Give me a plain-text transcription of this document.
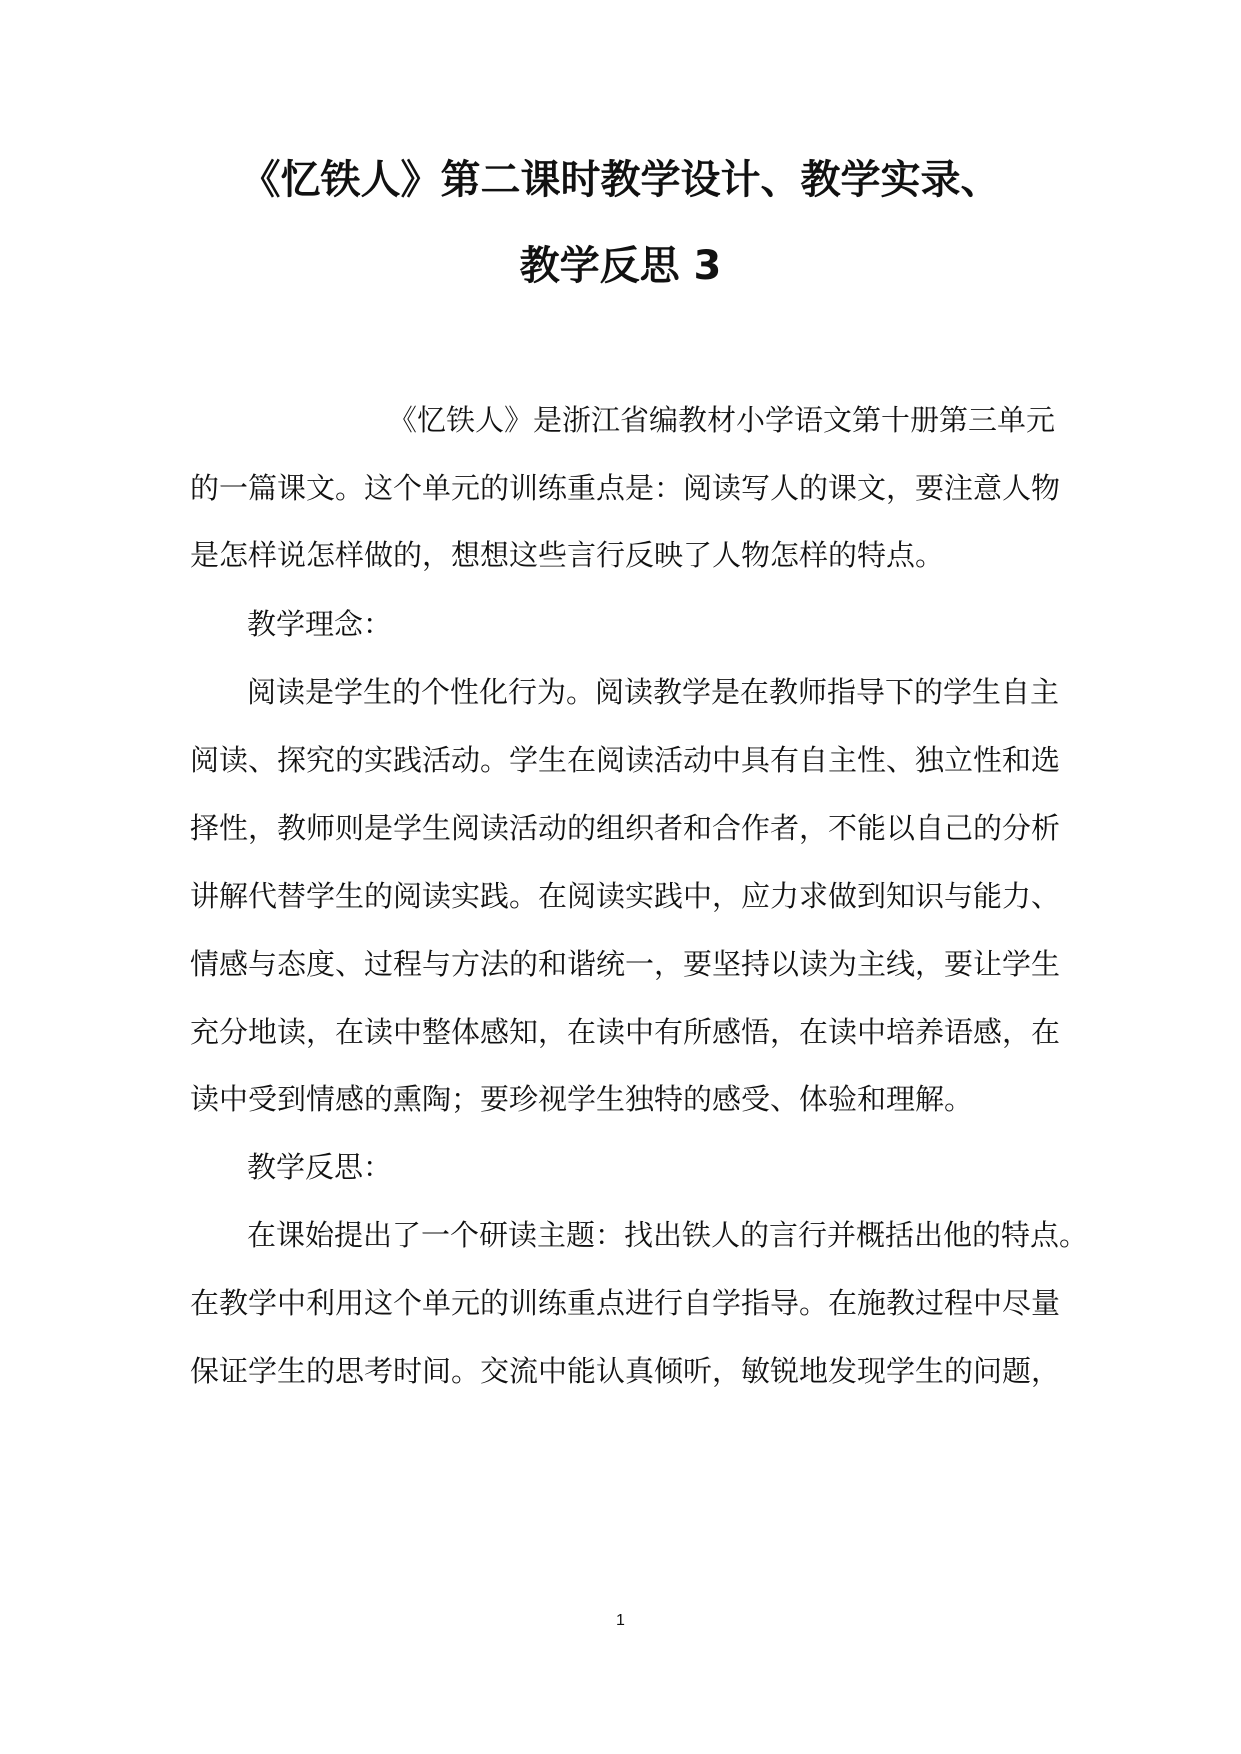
《忆铁人》第二课时教学设计、教学实录、
教学反思 3
《忆铁人》是浙江省编教材小学语文第十册第三单元
的一篇课文。这个单元的训练重点是：阅读写人的课文，要注意人物
是怎样说怎样做的，想想这些言行反映了人物怎样的特点。
教学理念：
阅读是学生的个性化行为。阅读教学是在教师指导下的学生自主
阅读、探究的实践活动。学生在阅读活动中具有自主性、独立性和选
择性，教师则是学生阅读活动的组织者和合作者，不能以自己的分析
讲解代替学生的阅读实践。在阅读实践中，应力求做到知识与能力、
情感与态度、过程与方法的和谐统一，要坚持以读为主线，要让学生
充分地读，在读中整体感知，在读中有所感悟，在读中培养语感，在
读中受到情感的熏陶；要珍视学生独特的感受、体验和理解。
教学反思：
在课始提出了一个研读主题：找出铁人的言行并概括出他的特点。
在教学中利用这个单元的训练重点进行自学指导。在施教过程中尽量
保证学生的思考时间。交流中能认真倾听，敏锐地发现学生的问题，
1
